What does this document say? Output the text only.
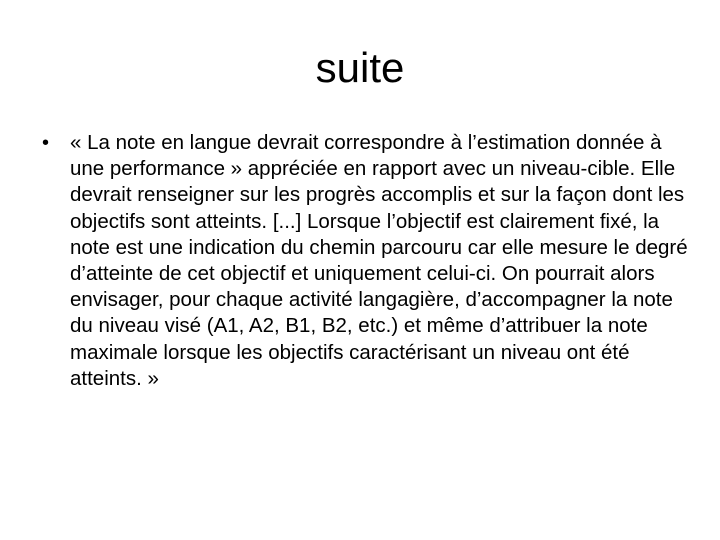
suite
• « La note en langue devrait correspondre à l’estimation donnée à une performance » appréciée en rapport avec un niveau-cible. Elle devrait renseigner sur les progrès accomplis et sur la façon dont les objectifs sont atteints. [...] Lorsque l’objectif est clairement fixé, la note est une indication du chemin parcouru car elle mesure le degré d’atteinte de cet objectif et uniquement celui-ci. On pourrait alors envisager, pour chaque activité langagière, d’accompagner la note du niveau visé (A1, A2, B1, B2, etc.) et même d’attribuer la note maximale lorsque les objectifs caractérisant un niveau ont été atteints. »
